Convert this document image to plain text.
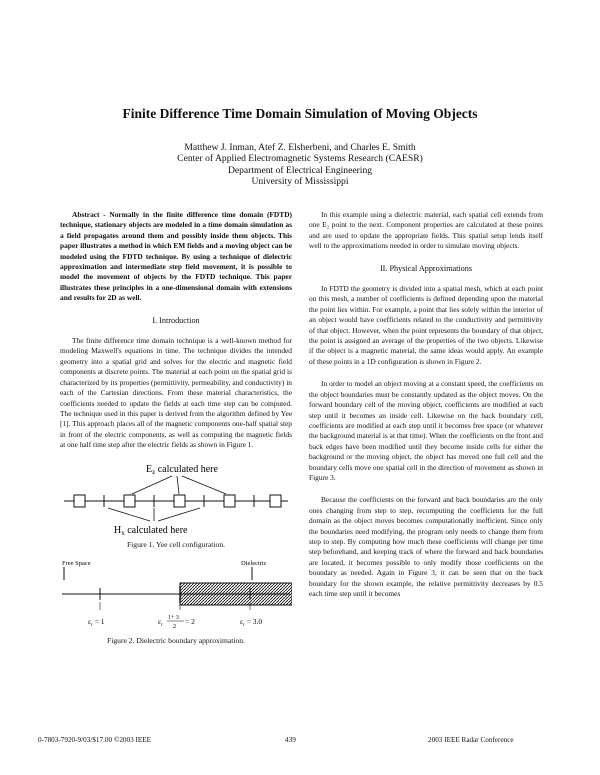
Finite Difference Time Domain Simulation of Moving Objects
Matthew J. Inman, Atef Z. Elsherbeni, and Charles E. Smith
Center of Applied Electromagnetic Systems Research (CAESR)
Department of Electrical Engineering
University of Mississippi

Abstract - Normally in the finite difference time domain (FDTD) technique, stationary objects are modeled in a time domain simulation as a field propagates around them and possibly inside them objects. This paper illustrates a method in which EM fields and a moving object can be modeled using the FDTD technique. By using a technique of dielectric approximation and intermediate step field movement, it is possible to model the movement of objects by the FDTD technique. This paper illustrates these principles in a one-dimensional domain with extensions and results for 2D as well.

I. Introduction

The finite difference time domain technique is a well-known method for modeling Maxwell's equations in time. The technique divides the intended geometry into a spatial grid and solves for the electric and magnetic field components at discrete points. The material at each point on the spatial grid is characterized by its properties (permittivity, permeability, and conductivity) in each of the Cartesian directions. From these material characteristics, the coefficients needed to update the fields at each time step can be computed. The technique used in this paper is derived from the algorithm defined by Yee [1]. This approach places all of the magnetic components one-half spatial step in front of the electric components, as well as computing the magnetic fields at one half time step after the electric fields as shown in Figure 1.

$E_z$ calculated here
$H_x$ calculated here
Figure 1. Yee cell configuration.
Free Space	Dielectric
$\varepsilon_r = 1$	$\varepsilon_r$
1+ 3
2
= 2	$\varepsilon_r = 3.0$
Figure 2. Dielectric boundary approximation.

In this example using a dielectric material, each spatial cell extends from one E₂ point to the next. Component properties are calculated at these points and are used to update the appropriate fields. This spatial setup lends itself well to the approximations needed in order to simulate moving objects.

II. Physical Approximations

In FDTD the geometry is divided into a spatial mesh, which at each point on this mesh, a number of coefficients is defined depending upon the material the point lies within. For example, a point that lies solely within the interior of an object would have coefficients related to the conductivity and permittivity of that object. However, when the point represents the boundary of that object, the point is assigned an average of the properties of the two objects. Likewise if the object is a magnetic material, the same ideas would apply. An example of these points in a 1D configuration is shown in Figure 2.

In order to model an object moving at a constant speed, the coefficients on the object boundaries must be constantly updated as the object moves. On the forward boundary cell of the moving object, coefficients are modified at each step until it becomes an inside cell. Likewise on the back boundary cell, coefficients are modified at each step until it becomes free space (or whatever the background material is at that time). When the coefficients on the front and back edges have been modified until they become inside cells for either the background or the moving object, the object has moved one full cell and the boundary cells move one spatial cell in the direction of movement as shown in Figure 3.

Because the coefficients on the forward and back boundaries are the only ones changing from step to step, recomputing the coefficients for the full domain as the object moves becomes computationally inefficient. Since only the boundaries need modifying, the program only needs to change them from step to step. By computing how much these coefficients will change per time step beforehand, and keeping track of where the forward and back boundaries are located, it becomes possible to only modify those coefficients on the boundary as needed. Again in Figure 3, it can be seen that on the back boundary for the shown example, the relative permittivity decreases by 0.5 each time step until it becomes

0-7803-7920-9/03/$17.00 ©2003 IEEE	439	2003 IEEE Radar Conference
